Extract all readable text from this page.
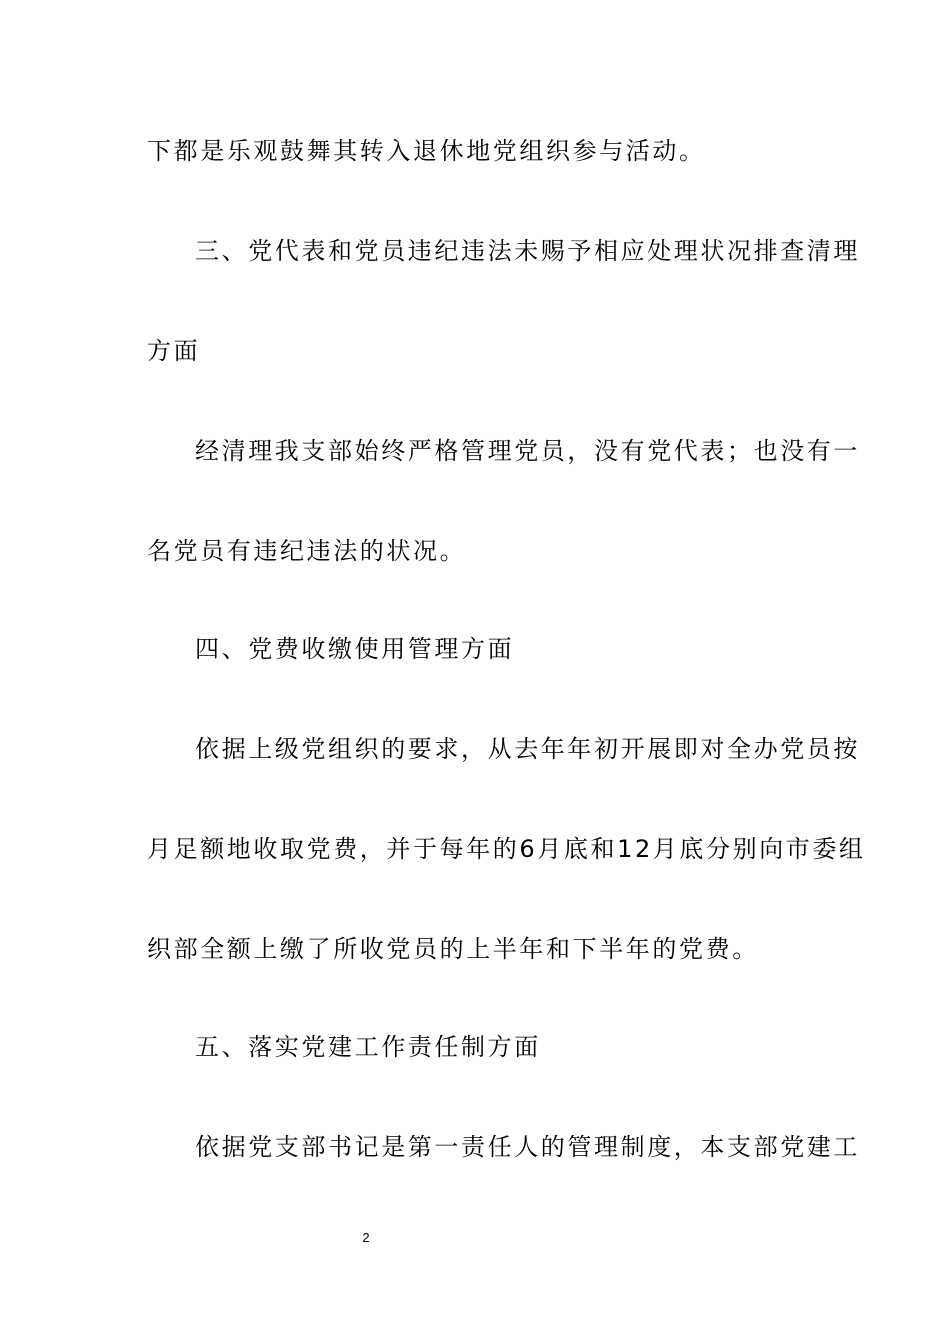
下都是乐观鼓舞其转入退休地党组织参与活动。
三、党代表和党员违纪违法未赐予相应处理状况排查清理
方面
经清理我支部始终严格管理党员，没有党代表；也没有一
名党员有违纪违法的状况。
四、党费收缴使用管理方面
依据上级党组织的要求，从去年年初开展即对全办党员按
月足额地收取党费，并于每年的6月底和12月底分别向市委组
织部全额上缴了所收党员的上半年和下半年的党费。
五、落实党建工作责任制方面
依据党支部书记是第一责任人的管理制度，本支部党建工
2
